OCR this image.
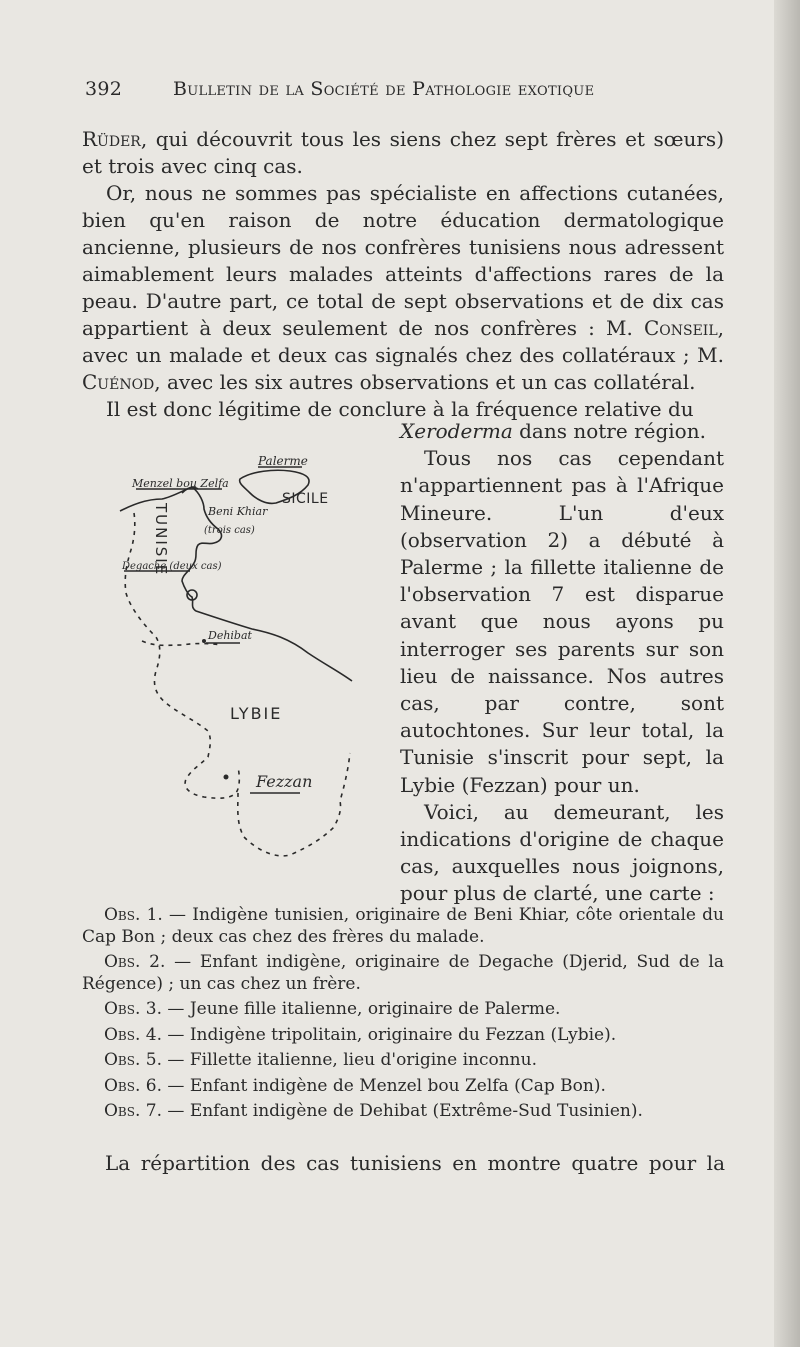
392	Bulletin de la Société de Pathologie exotique

Rüder, qui découvrit tous les siens chez sept frères et sœurs) et trois avec cinq cas.

Or, nous ne sommes pas spécialiste en affections cutanées, bien qu'en raison de notre éducation dermatologique ancienne, plusieurs de nos confrères tunisiens nous adressent aimablement leurs malades atteints d'affections rares de la peau. D'autre part, ce total de sept observations et de dix cas appartient à deux seulement de nos confrères : M. Conseil, avec un malade et deux cas signalés chez des collatéraux ; M. Cuénod, avec les six autres observations et un cas collatéral.

Il est donc légitime de conclure à la fréquence relative du

Xeroderma dans notre région.

Tous nos cas cependant n'appartiennent pas à l'Afrique Mineure. L'un d'eux (observation 2) a débuté à Palerme ; la fillette italienne de l'observation 7 est disparue avant que nous ayons pu interroger ses parents sur son lieu de naissance. Nos autres cas, par contre, sont autochtones. Sur leur total, la Tunisie s'inscrit pour sept, la Lybie (Fezzan) pour un.

Voici, au demeurant, les indications d'origine de chaque cas, auxquelles nous joignons, pour plus de clarté, une carte :

Palerme
Menzel bou Zelfa
SICILE
Beni Khiar
(trois cas)
TUNISIE
Degache (deux cas)
Dehibat
LYBIE
Fezzan

Obs. 1. — Indigène tunisien, originaire de Beni Khiar, côte orientale du Cap Bon ; deux cas chez des frères du malade.

Obs. 2. — Enfant indigène, originaire de Degache (Djerid, Sud de la Régence) ; un cas chez un frère.

Obs. 3. — Jeune fille italienne, originaire de Palerme.

Obs. 4. — Indigène tripolitain, originaire du Fezzan (Lybie).

Obs. 5. — Fillette italienne, lieu d'origine inconnu.

Obs. 6. — Enfant indigène de Menzel bou Zelfa (Cap Bon).

Obs. 7. — Enfant indigène de Dehibat (Extrême-Sud Tusinien).

La répartition des cas tunisiens en montre quatre pour la
